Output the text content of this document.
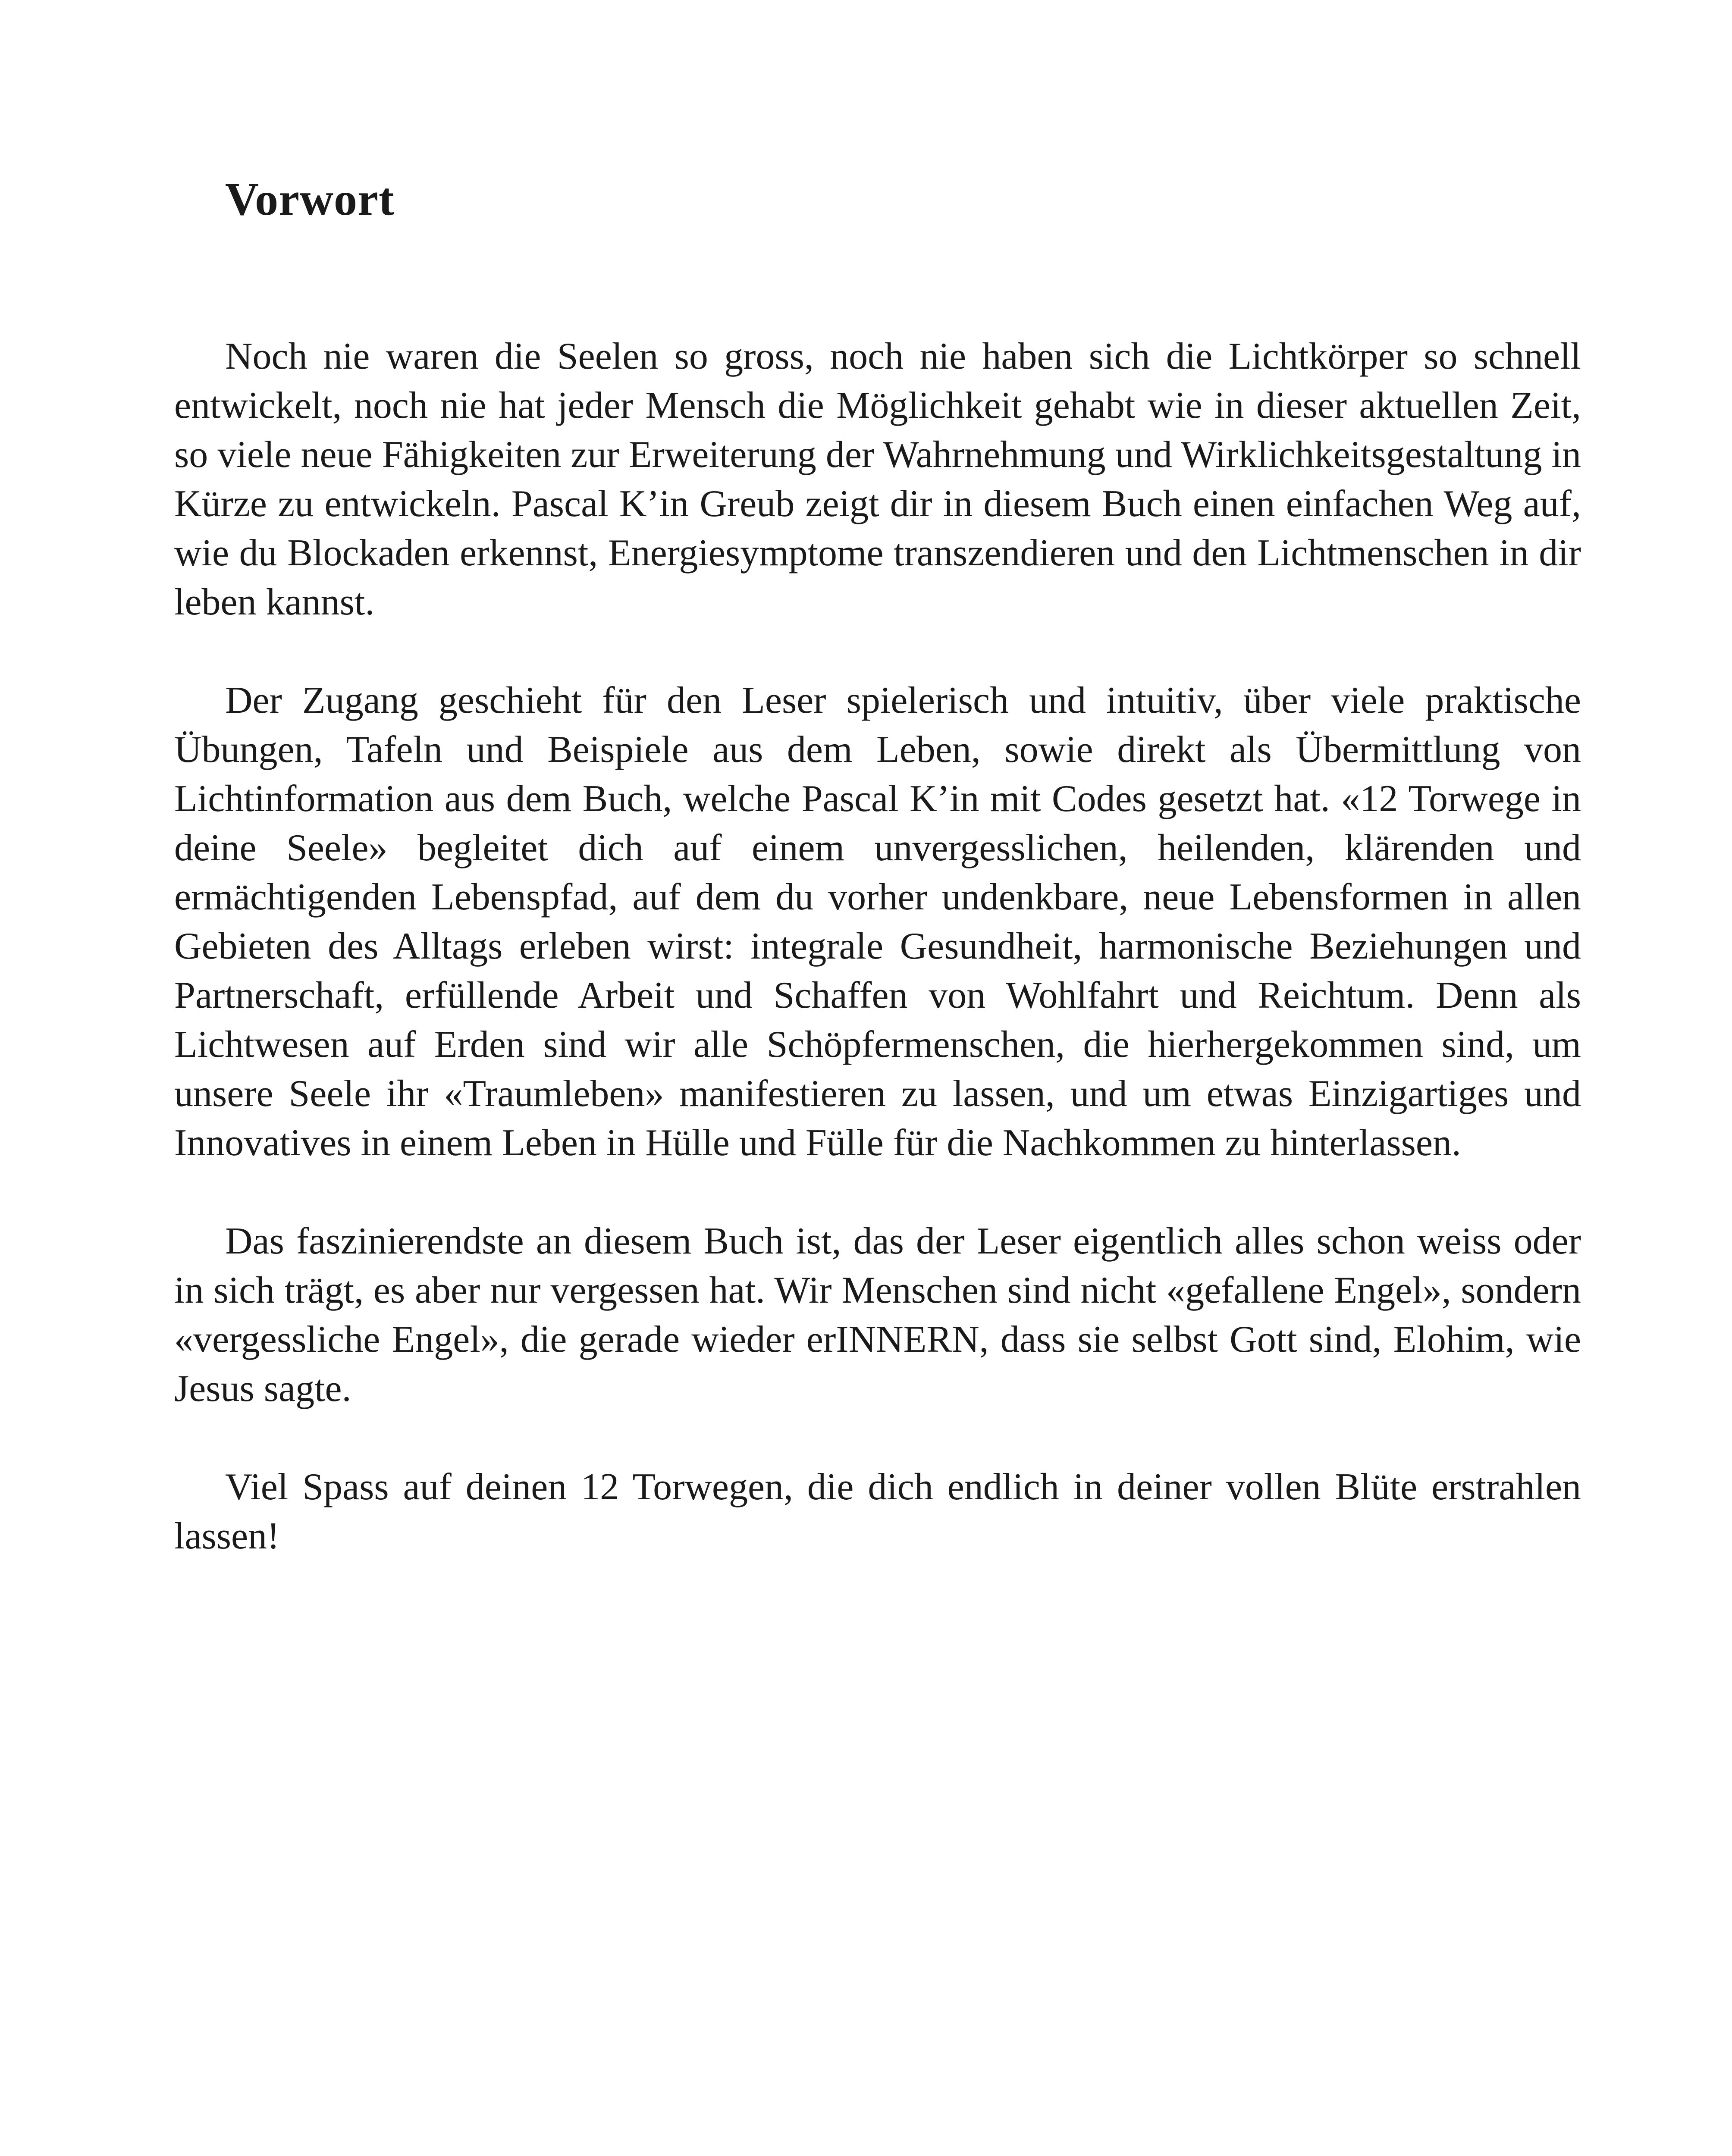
Vorwort

Noch nie waren die Seelen so gross, noch nie haben sich die Lichtkörper so schnell entwickelt, noch nie hat jeder Mensch die Möglichkeit gehabt wie in dieser aktuellen Zeit, so viele neue Fähigkeiten zur Erweiterung der Wahrnehmung und Wirklichkeitsgestaltung in Kürze zu entwickeln. Pascal K’in Greub zeigt dir in diesem Buch einen einfachen Weg auf, wie du Blockaden erkennst, Energiesymptome transzendieren und den Lichtmenschen in dir leben kannst.

Der Zugang geschieht für den Leser spielerisch und intuitiv, über viele praktische Übungen, Tafeln und Beispiele aus dem Leben, sowie direkt als Übermittlung von Lichtinformation aus dem Buch, welche Pascal K’in mit Codes gesetzt hat. «12 Torwege in deine Seele» begleitet dich auf einem unvergesslichen, heilenden, klärenden und ermächtigenden Lebenspfad, auf dem du vorher undenkbare, neue Lebensformen in allen Gebieten des Alltags erleben wirst: integrale Gesundheit, harmonische Beziehungen und Partnerschaft, erfüllende Arbeit und Schaffen von Wohlfahrt und Reichtum. Denn als Lichtwesen auf Erden sind wir alle Schöpfermenschen, die hierhergekommen sind, um unsere Seele ihr «Traumleben» manifestieren zu lassen, und um etwas Einzigartiges und Innovatives in einem Leben in Hülle und Fülle für die Nachkommen zu hinterlassen.

Das faszinierendste an diesem Buch ist, das der Leser eigentlich alles schon weiss oder in sich trägt, es aber nur vergessen hat. Wir Menschen sind nicht «gefallene Engel», sondern «vergessliche Engel», die gerade wieder erINNERN, dass sie selbst Gott sind, Elohim, wie Jesus sagte.

Viel Spass auf deinen 12 Torwegen, die dich endlich in deiner vollen Blüte erstrahlen lassen!
